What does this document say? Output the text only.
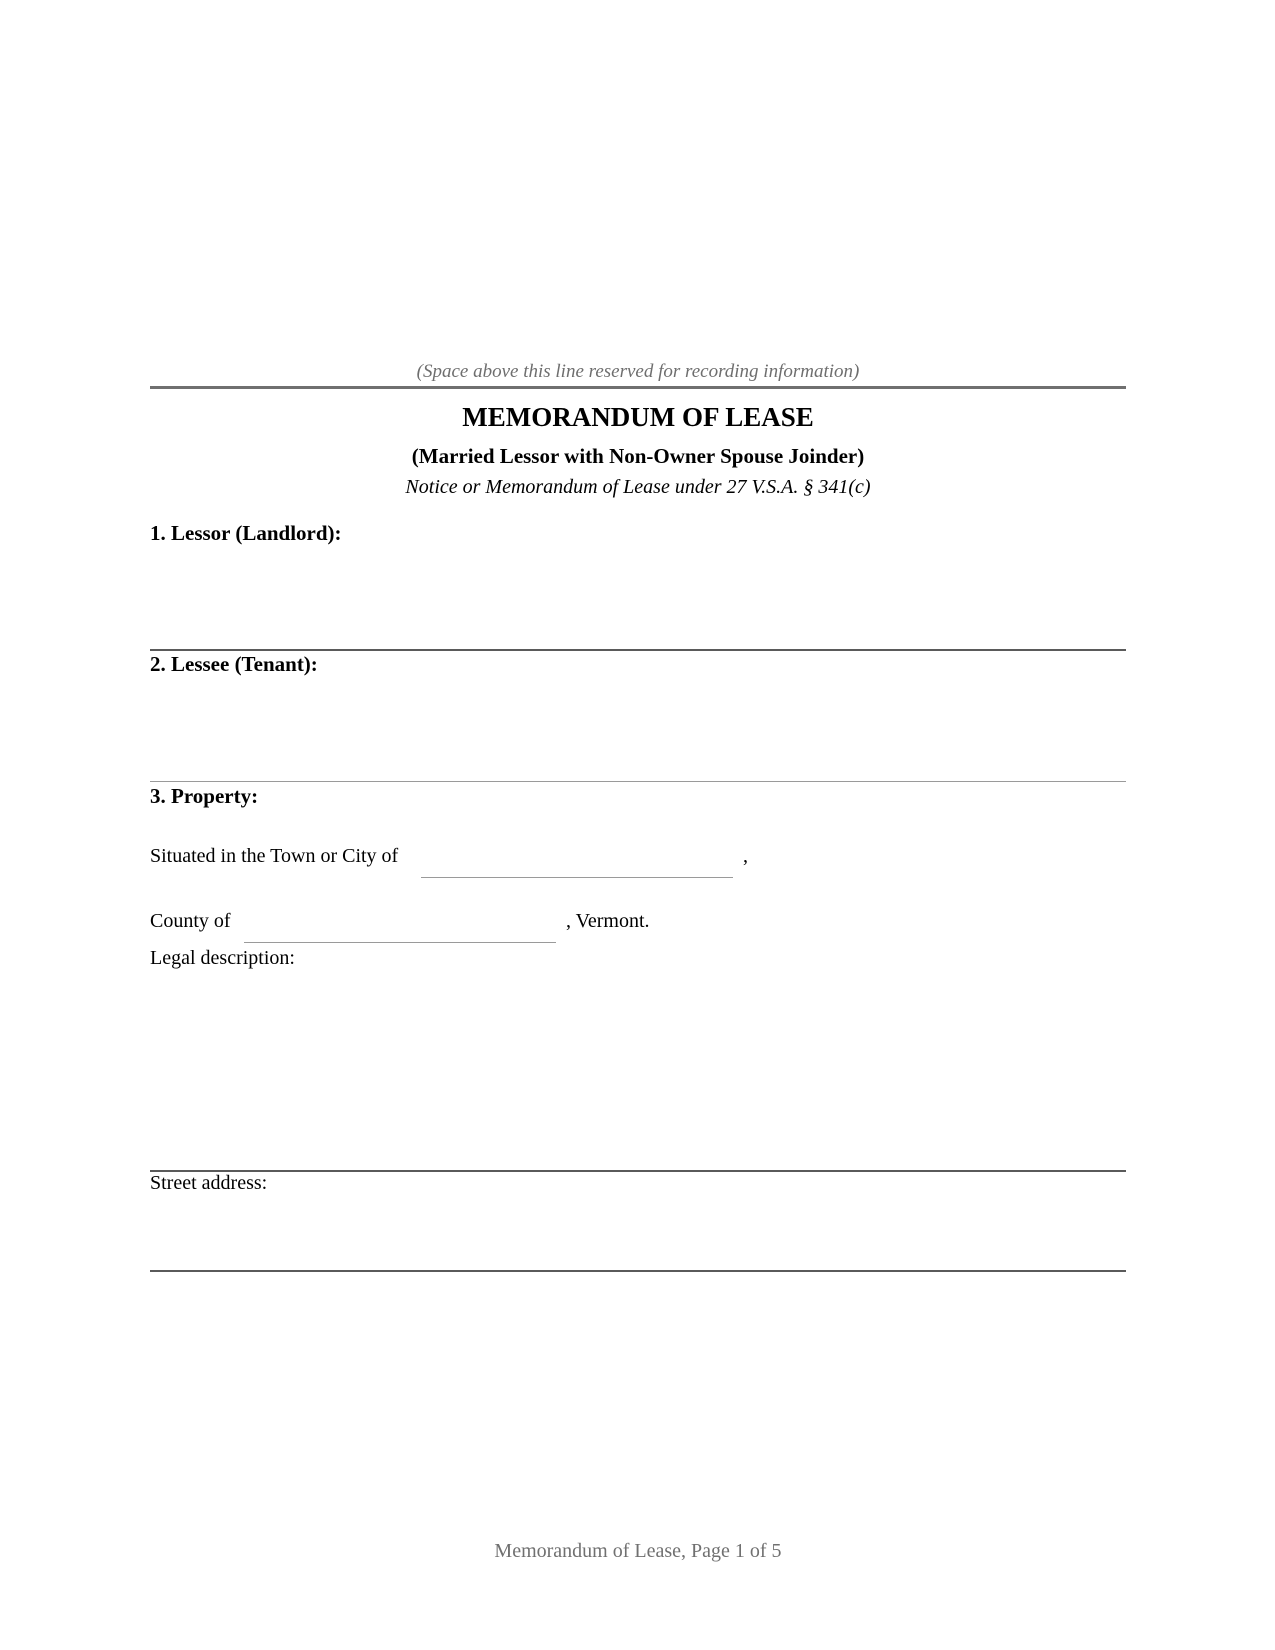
(Space above this line reserved for recording information)
MEMORANDUM OF LEASE
(Married Lessor with Non-Owner Spouse Joinder)
Notice or Memorandum of Lease under 27 V.S.A. § 341(c)
1. Lessor (Landlord):
2. Lessee (Tenant):
3. Property:
Situated in the Town or City of	,
County of	, Vermont.
Legal description:
Street address:
Memorandum of Lease, Page 1 of 5
